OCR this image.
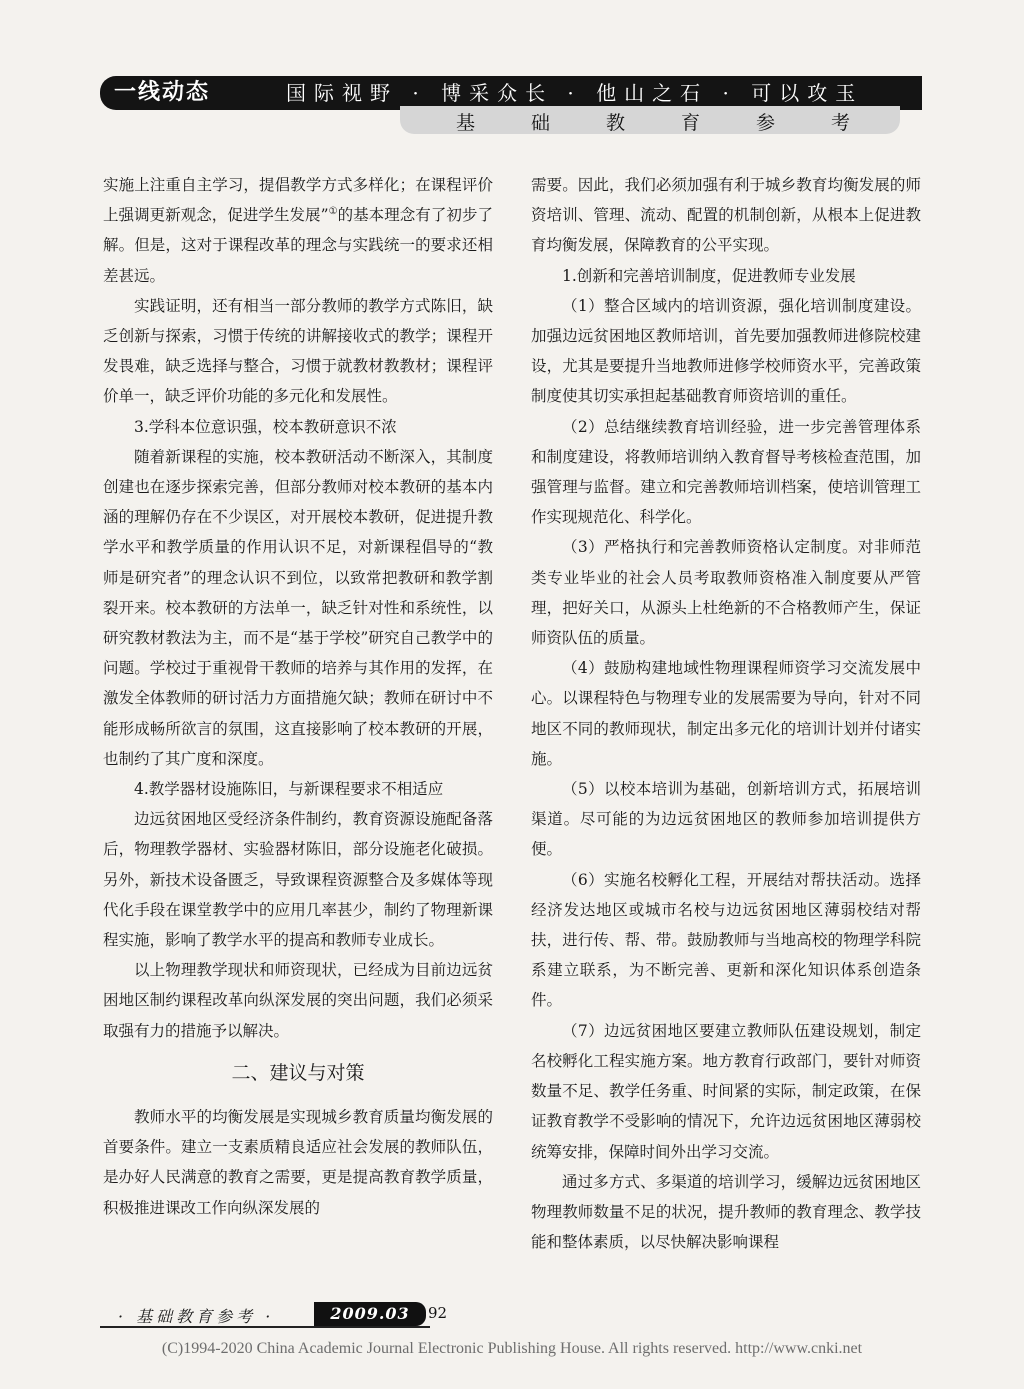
一线动态	国际视野 · 博采众长 · 他山之石 · 可以攻玉
基础教育参考

实施上注重自主学习，提倡教学方式多样化；在课程评价上强调更新观念，促进学生发展”①的基本理念有了初步了解。但是，这对于课程改革的理念与实践统一的要求还相差甚远。

实践证明，还有相当一部分教师的教学方式陈旧，缺乏创新与探索，习惯于传统的讲解接收式的教学；课程开发畏难，缺乏选择与整合，习惯于就教材教教材；课程评价单一，缺乏评价功能的多元化和发展性。

3.学科本位意识强，校本教研意识不浓

随着新课程的实施，校本教研活动不断深入，其制度创建也在逐步探索完善，但部分教师对校本教研的基本内涵的理解仍存在不少误区，对开展校本教研，促进提升教学水平和教学质量的作用认识不足，对新课程倡导的“教师是研究者”的理念认识不到位，以致常把教研和教学割裂开来。校本教研的方法单一，缺乏针对性和系统性，以研究教材教法为主，而不是“基于学校”研究自己教学中的问题。学校过于重视骨干教师的培养与其作用的发挥，在激发全体教师的研讨活力方面措施欠缺；教师在研讨中不能形成畅所欲言的氛围，这直接影响了校本教研的开展，也制约了其广度和深度。

4.教学器材设施陈旧，与新课程要求不相适应

边远贫困地区受经济条件制约，教育资源设施配备落后，物理教学器材、实验器材陈旧，部分设施老化破损。另外，新技术设备匮乏，导致课程资源整合及多媒体等现代化手段在课堂教学中的应用几率甚少，制约了物理新课程实施，影响了教学水平的提高和教师专业成长。

以上物理教学现状和师资现状，已经成为目前边远贫困地区制约课程改革向纵深发展的突出问题，我们必须采取强有力的措施予以解决。

二、建议与对策

教师水平的均衡发展是实现城乡教育质量均衡发展的首要条件。建立一支素质精良适应社会发展的教师队伍，是办好人民满意的教育之需要，更是提高教育教学质量，积极推进课改工作向纵深发展的

需要。因此，我们必须加强有利于城乡教育均衡发展的师资培训、管理、流动、配置的机制创新，从根本上促进教育均衡发展，保障教育的公平实现。

1.创新和完善培训制度，促进教师专业发展

（1）整合区域内的培训资源，强化培训制度建设。加强边远贫困地区教师培训，首先要加强教师进修院校建设，尤其是要提升当地教师进修学校师资水平，完善政策制度使其切实承担起基础教育师资培训的重任。

（2）总结继续教育培训经验，进一步完善管理体系和制度建设，将教师培训纳入教育督导考核检查范围，加强管理与监督。建立和完善教师培训档案，使培训管理工作实现规范化、科学化。

（3）严格执行和完善教师资格认定制度。对非师范类专业毕业的社会人员考取教师资格准入制度要从严管理，把好关口，从源头上杜绝新的不合格教师产生，保证师资队伍的质量。

（4）鼓励构建地域性物理课程师资学习交流发展中心。以课程特色与物理专业的发展需要为导向，针对不同地区不同的教师现状，制定出多元化的培训计划并付诸实施。

（5）以校本培训为基础，创新培训方式，拓展培训渠道。尽可能的为边远贫困地区的教师参加培训提供方便。

（6）实施名校孵化工程，开展结对帮扶活动。选择经济发达地区或城市名校与边远贫困地区薄弱校结对帮扶，进行传、帮、带。鼓励教师与当地高校的物理学科院系建立联系，为不断完善、更新和深化知识体系创造条件。

（7）边远贫困地区要建立教师队伍建设规划，制定名校孵化工程实施方案。地方教育行政部门，要针对师资数量不足、教学任务重、时间紧的实际，制定政策，在保证教育教学不受影响的情况下，允许边远贫困地区薄弱校统筹安排，保障时间外出学习交流。

通过多方式、多渠道的培训学习，缓解边远贫困地区物理教师数量不足的状况，提升教师的教育理念、教学技能和整体素质，以尽快解决影响课程

· 基础教育参考 ·	2009.03	92
(C)1994-2020 China Academic Journal Electronic Publishing House. All rights reserved. http://www.cnki.net
